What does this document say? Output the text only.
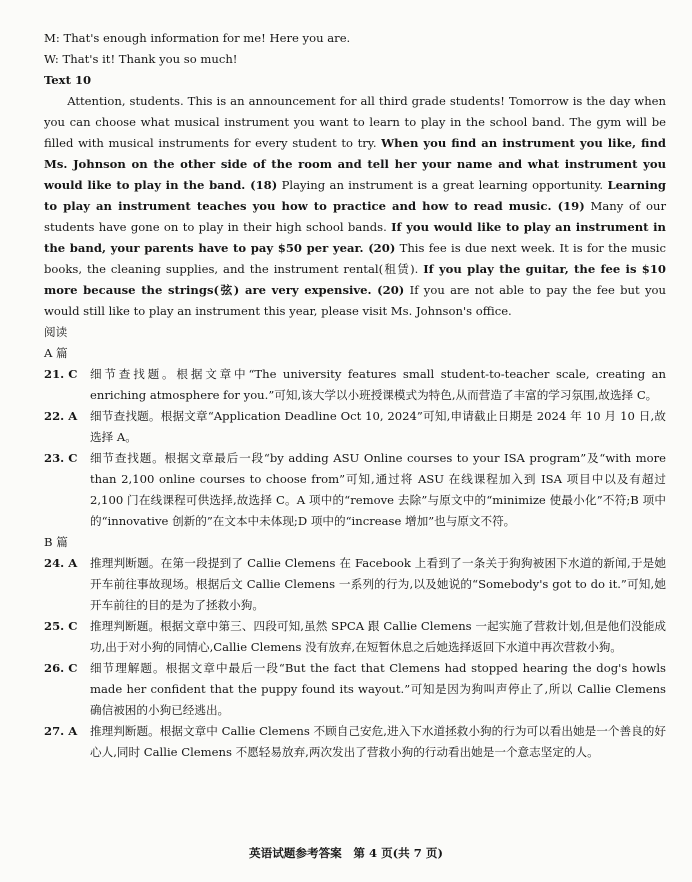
M: That's enough information for me! Here you are.
W: That's it! Thank you so much!
Text 10

Attention, students. This is an announcement for all third grade students! Tomorrow is the day when you can choose what musical instrument you want to learn to play in the school band. The gym will be filled with musical instruments for every student to try. When you find an instrument you like, find Ms. Johnson on the other side of the room and tell her your name and what instrument you would like to play in the band. (18) Playing an instrument is a great learning opportunity. Learning to play an instrument teaches you how to practice and how to read music. (19) Many of our students have gone on to play in their high school bands. If you would like to play an instrument in the band, your parents have to pay $50 per year. (20) This fee is due next week. It is for the music books, the cleaning supplies, and the instrument rental(租赁). If you play the guitar, the fee is $10 more because the strings(弦) are very expensive. (20) If you are not able to pay the fee but you would still like to play an instrument this year, please visit Ms. Johnson's office.

阅读
A 篇
21. C	细节查找题。根据文章中“The university features small student-to-teacher scale, creating an enriching atmosphere for you.”可知,该大学以小班授课模式为特色,从而营造了丰富的学习氛围,故选择 C。
22. A	细节查找题。根据文章“Application Deadline Oct 10, 2024”可知,申请截止日期是 2024 年 10 月 10 日,故选择 A。
23. C	细节查找题。根据文章最后一段“by adding ASU Online courses to your ISA program”及“with more than 2,100 online courses to choose from”可知,通过将 ASU 在线课程加入到 ISA 项目中以及有超过 2,100 门在线课程可供选择,故选择 C。A 项中的“remove 去除”与原文中的“minimize 使最小化”不符;B 项中的“innovative 创新的”在文本中未体现;D 项中的“increase 增加”也与原文不符。
B 篇
24. A	推理判断题。在第一段提到了 Callie Clemens 在 Facebook 上看到了一条关于狗狗被困下水道的新闻,于是她开车前往事故现场。根据后文 Callie Clemens 一系列的行为,以及她说的“Somebody's got to do it.”可知,她开车前往的目的是为了拯救小狗。
25. C	推理判断题。根据文章中第三、四段可知,虽然 SPCA 跟 Callie Clemens 一起实施了营救计划,但是他们没能成功,出于对小狗的同情心,Callie Clemens 没有放弃,在短暂休息之后她选择返回下水道中再次营救小狗。
26. C	细节理解题。根据文章中最后一段“But the fact that Clemens had stopped hearing the dog's howls made her confident that the puppy found its wayout.”可知是因为狗叫声停止了,所以 Callie Clemens 确信被困的小狗已经逃出。
27. A	推理判断题。根据文章中 Callie Clemens 不顾自己安危,进入下水道拯救小狗的行为可以看出她是一个善良的好心人,同时 Callie Clemens 不愿轻易放弃,两次发出了营救小狗的行动看出她是一个意志坚定的人。
英语试题参考答案　第 4 页(共 7 页)
